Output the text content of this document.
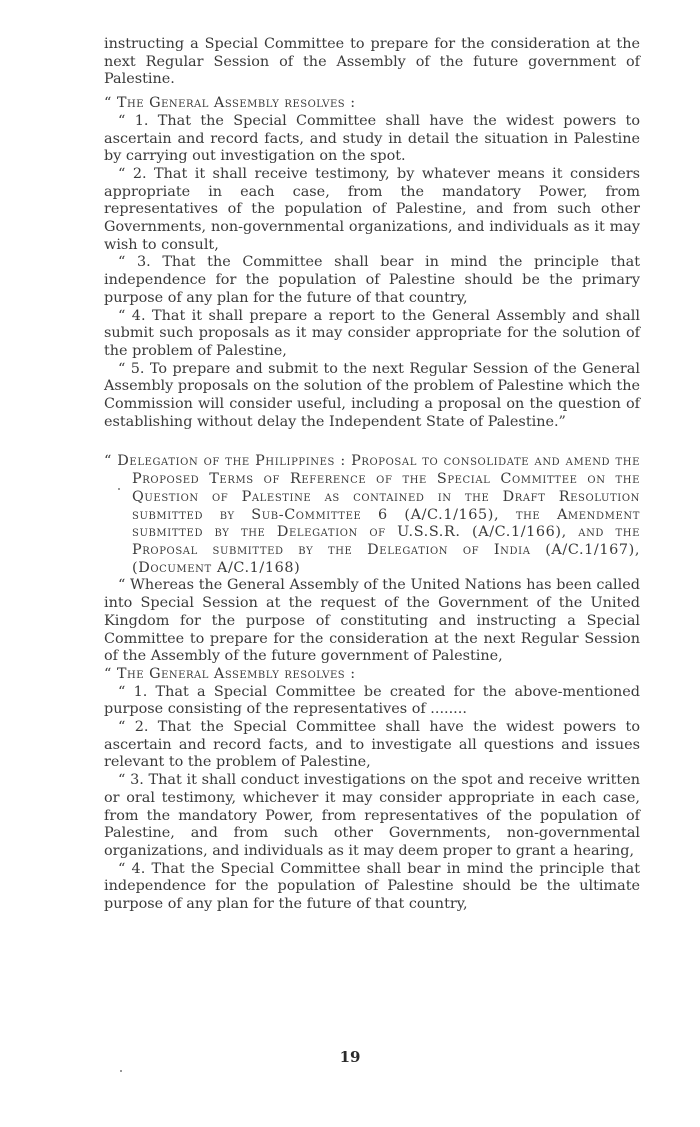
instructing a Special Committee to prepare for the consideration at the next Regular Session of the Assembly of the future government of Palestine.

“ The General Assembly resolves :

“ 1. That the Special Committee shall have the widest powers to ascertain and record facts, and study in detail the situation in Palestine by carrying out investigation on the spot.

“ 2. That it shall receive testimony, by whatever means it considers appropriate in each case, from the mandatory Power, from representatives of the population of Palestine, and from such other Governments, non-governmental organizations, and individuals as it may wish to consult,

“ 3. That the Committee shall bear in mind the principle that independence for the population of Palestine should be the primary purpose of any plan for the future of that country,

“ 4. That it shall prepare a report to the General Assembly and shall submit such proposals as it may consider appropriate for the solution of the problem of Palestine,

“ 5. To prepare and submit to the next Regular Session of the General Assembly proposals on the solution of the problem of Palestine which the Commission will consider useful, including a proposal on the question of establishing without delay the Independent State of Palestine.”

“ Delegation of the Philippines : Proposal to consolidate and amend the Proposed Terms of Reference of the Special Committee on the Question of Palestine as contained in the Draft Resolution submitted by Sub-Committee 6 (A/C.1/165), the Amendment submitted by the Delegation of U.S.S.R. (A/C.1/166), and the Proposal submitted by the Delegation of India (A/C.1/167), (Document A/C.1/168)

“ Whereas the General Assembly of the United Nations has been called into Special Session at the request of the Government of the United Kingdom for the purpose of constituting and instructing a Special Committee to prepare for the consideration at the next Regular Session of the Assembly of the future government of Palestine,

“ The General Assembly resolves :

“ 1. That a Special Committee be created for the above-mentioned purpose consisting of the representatives of ........

“ 2. That the Special Committee shall have the widest powers to ascertain and record facts, and to investigate all questions and issues relevant to the problem of Palestine,

“ 3. That it shall conduct investigations on the spot and receive written or oral testimony, whichever it may consider appropriate in each case, from the mandatory Power, from representatives of the population of Palestine, and from such other Governments, non-governmental organizations, and individuals as it may deem proper to grant a hearing,

“ 4. That the Special Committee shall bear in mind the principle that independence for the population of Palestine should be the ultimate purpose of any plan for the future of that country,

19
